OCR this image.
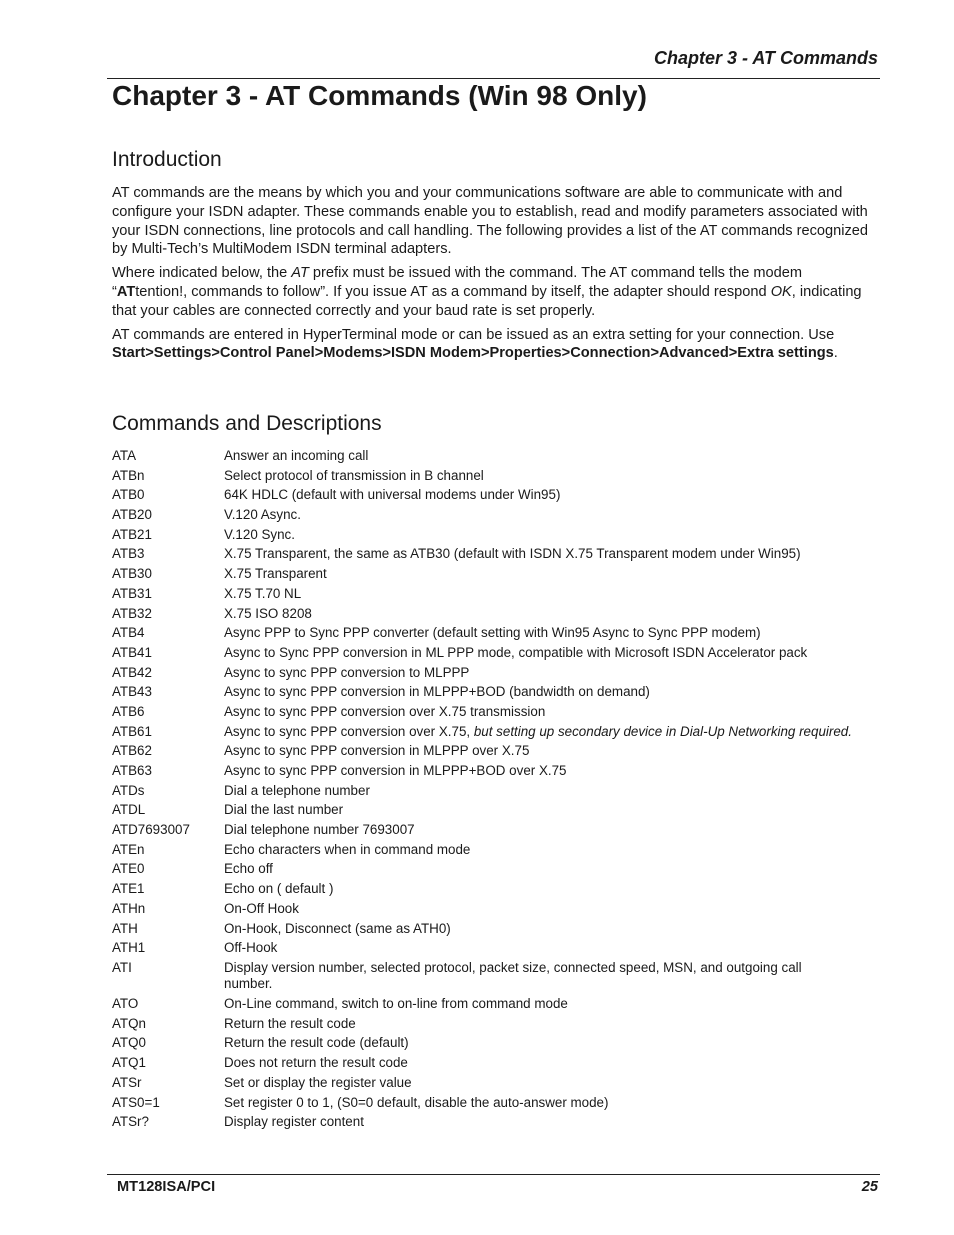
Chapter 3 - AT Commands
Chapter 3 - AT Commands (Win 98 Only)
Introduction

AT commands are the means by which you and your communications software are able to communicate with and configure your ISDN adapter. These commands enable you to establish, read and modify parameters associated with your ISDN connections, line protocols and call handling. The following provides a list of the AT commands recognized by Multi-Tech’s MultiModem ISDN terminal adapters.

Where indicated below, the AT prefix must be issued with the command. The AT command tells the modem “ATtention!, commands to follow”. If you issue AT as a command by itself, the adapter should respond OK, indicating that your cables are connected correctly and your baud rate is set properly.

AT commands are entered in HyperTerminal mode or can be issued as an extra setting for your connection. Use Start>Settings>Control Panel>Modems>ISDN Modem>Properties>Connection>Advanced>Extra settings.

Commands and Descriptions
ATA	Answer an incoming call
ATBn	Select protocol of transmission in B channel
ATB0	64K HDLC (default with universal modems under Win95)
ATB20	V.120 Async.
ATB21	V.120 Sync.
ATB3	X.75 Transparent, the same as ATB30 (default with ISDN X.75 Transparent modem under Win95)
ATB30	X.75 Transparent
ATB31	X.75 T.70 NL
ATB32	X.75 ISO 8208
ATB4	Async PPP to Sync PPP converter (default setting with Win95 Async to Sync PPP modem)
ATB41	Async to Sync PPP conversion in ML PPP mode, compatible with Microsoft ISDN Accelerator pack
ATB42	Async to sync PPP conversion to MLPPP
ATB43	Async to sync PPP conversion in MLPPP+BOD (bandwidth on demand)
ATB6	Async to sync PPP conversion over X.75 transmission
ATB61	Async to sync PPP conversion over X.75, but setting up secondary device in Dial-Up Networking required.
ATB62	Async to sync PPP conversion in MLPPP over X.75
ATB63	Async to sync PPP conversion in MLPPP+BOD over X.75
ATDs	Dial a telephone number
ATDL	Dial the last number
ATD7693007	Dial telephone number 7693007
ATEn	Echo characters when in command mode
ATE0	Echo off
ATE1	Echo on ( default )
ATHn	On-Off Hook
ATH	On-Hook, Disconnect (same as ATH0)
ATH1	Off-Hook
ATI	Display version number, selected protocol, packet size, connected speed, MSN, and outgoing call number.
ATO	On-Line command, switch to on-line from command mode
ATQn	Return the result code
ATQ0	Return the result code (default)
ATQ1	Does not return the result code
ATSr	Set or display the register value
ATS0=1	Set register 0 to 1, (S0=0 default, disable the auto-answer mode)
ATSr?	Display register content
MT128ISA/PCI	25
